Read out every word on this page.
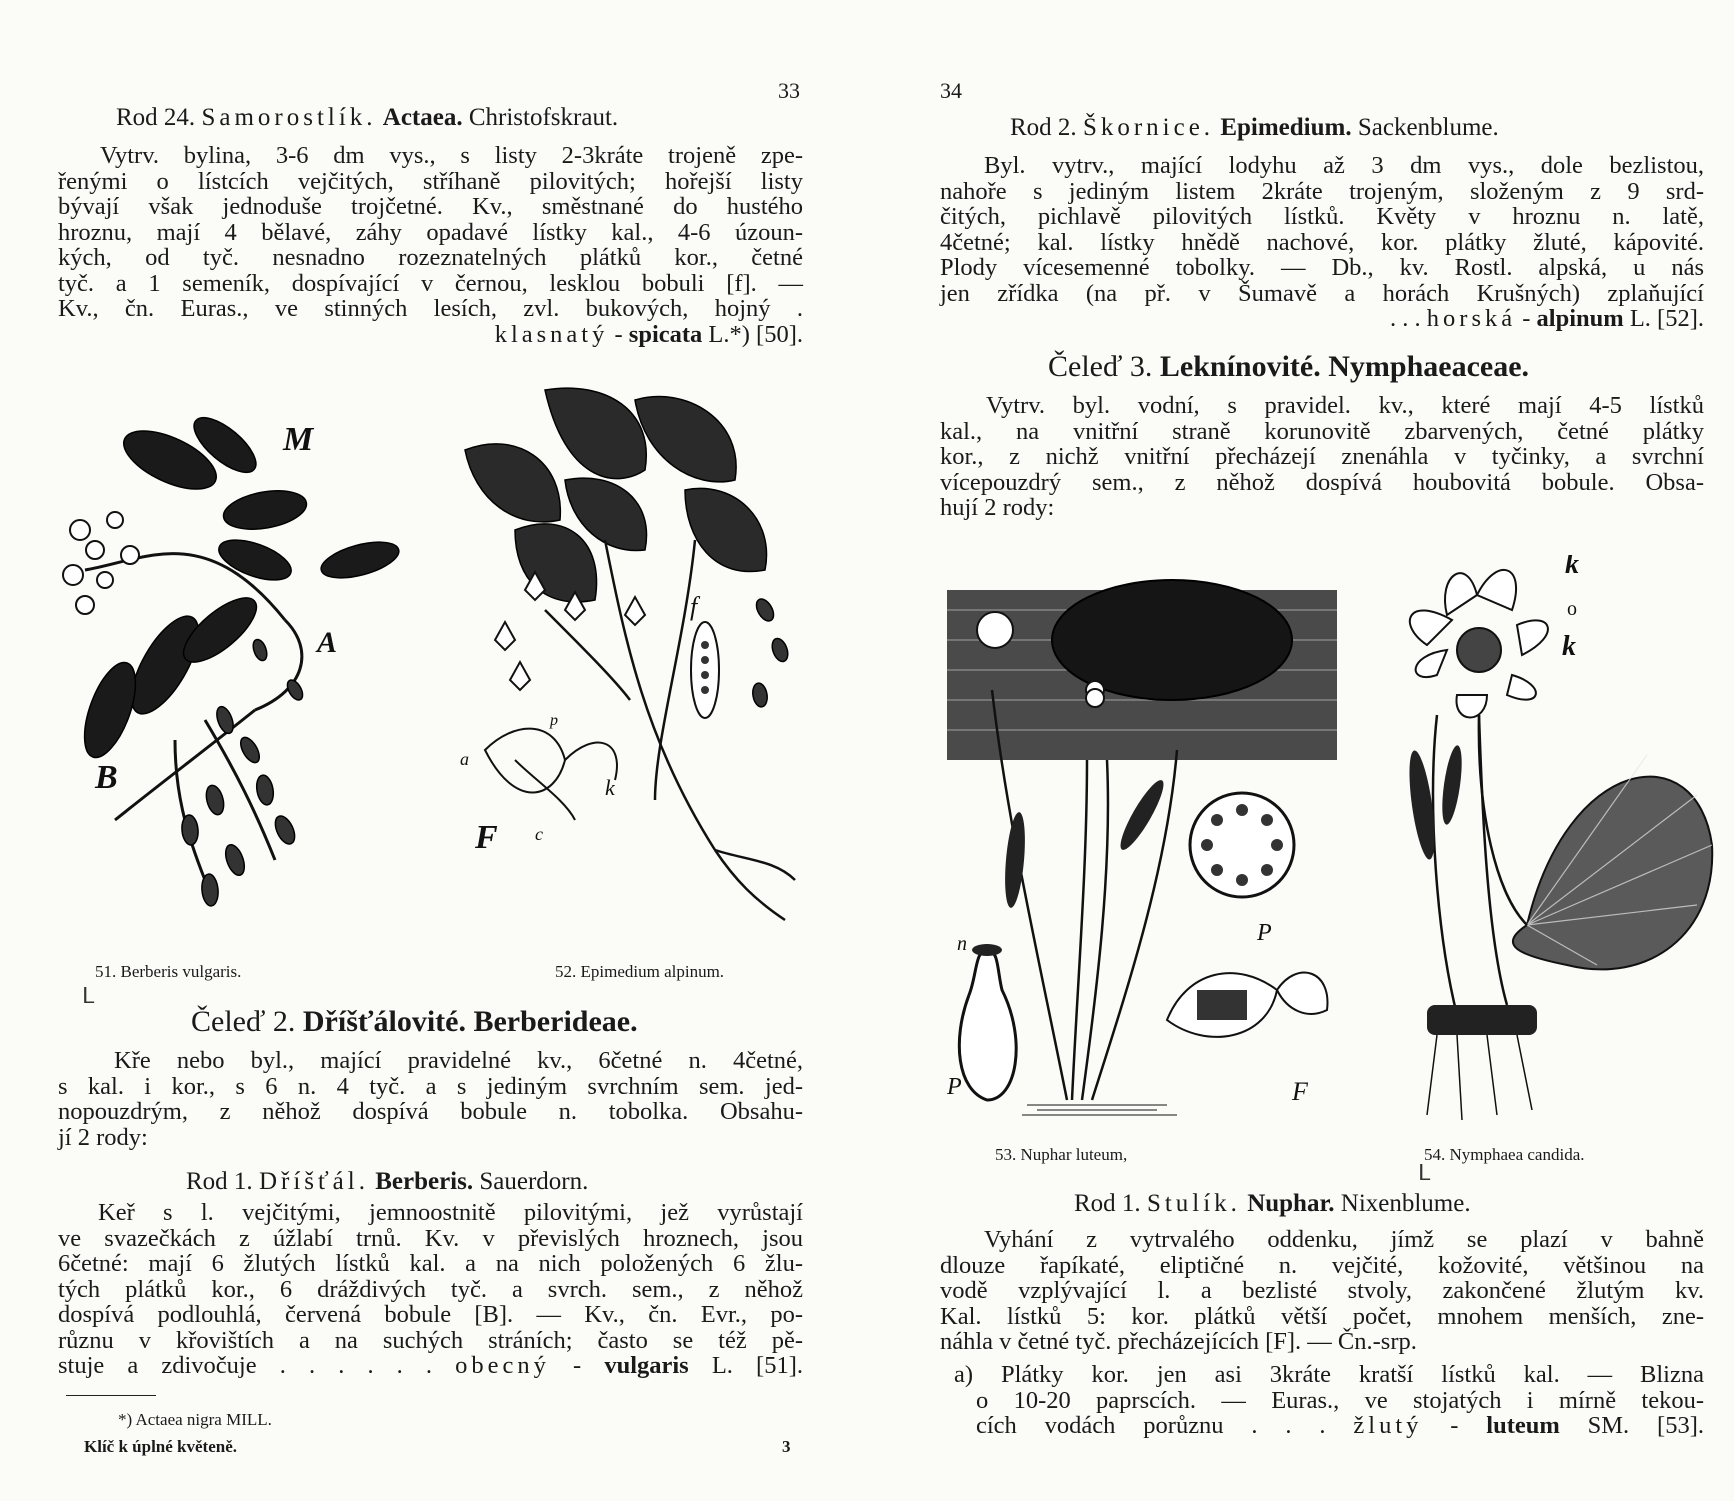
33
Rod 24. Samorostlík. Actaea. Christofskraut.
Vytrv. bylina, 3-6 dm vys., s listy 2-3kráte trojeně zpe-
řenými o lístcích vejčitých, stříhaně pilovitých; hořejší listy
bývají však jednoduše trojčetné. Kv., směstnané do hustého
hroznu, mají 4 bělavé, záhy opadavé lístky kal., 4-6 úzoun-
kých, od tyč. nesnadno rozeznatelných plátků kor., četné
tyč. a 1 semeník, dospívající v černou, lesklou bobuli [f]. —
Kv., čn. Euras., ve stinných lesích, zvl. bukových, hojný .
klasnatý - spicata L.*) [50].
M
A
B
f
F
a
k
p
c
51. Berberis vulgaris.	52. Epimedium alpinum.
ᒪ
Čeleď 2. Dříšťálovité. Berberideae.
Kře nebo byl., mající pravidelné kv., 6četné n. 4četné,
s kal. i kor., s 6 n. 4 tyč. a s jediným svrchním sem. jed-
nopouzdrým, z něhož dospívá bobule n. tobolka. Obsahu-
jí 2 rody:
Rod 1. Dříšťál. Berberis. Sauerdorn.
Keř s l. vejčitými, jemnoostnitě pilovitými, jež vyrůstají
ve svazečkách z úžlabí trnů. Kv. v převislých hroznech, jsou
6četné: mají 6 žlutých lístků kal. a na nich položených 6 žlu-
tých plátků kor., 6 dráždivých tyč. a svrch. sem., z něhož
dospívá podlouhlá, červená bobule [B]. — Kv., čn. Evr., po-
různu v křovištích a na suchých stráních; často se též pě-
stuje a zdivočuje . . . . . . obecný - vulgaris L. [51].
*) Actaea nigra MILL.
Klíč k úplné květeně.	3
34
Rod 2. Škornice. Epimedium. Sackenblume.
Byl. vytrv., mající lodyhu až 3 dm vys., dole bezlistou,
nahoře s jediným listem 2kráte trojeným, složeným z 9 srd-
čitých, pichlavě pilovitých lístků. Květy v hroznu n. latě,
4četné; kal. lístky hnědě nachové, kor. plátky žluté, kápovité.
Plody vícesemenné tobolky. — Db., kv. Rostl. alpská, u nás
jen zřídka (na př. v Šumavě a horách Krušných) zplaňující
. . . horská - alpinum L. [52].
Čeleď 3. Leknínovité. Nymphaeaceae.
Vytrv. byl. vodní, s pravidel. kv., které mají 4-5 lístků
kal., na vnitřní straně korunovitě zbarvených, četné plátky
kor., z nichž vnitřní přecházejí znenáhla v tyčinky, a svrchní
vícepouzdrý sem., z něhož dospívá houbovitá bobule. Obsa-
hují 2 rody:
n	P
P	F
k
o
k
53. Nuphar luteum,	54. Nymphaea candida.
ᒪ
Rod 1. Stulík. Nuphar. Nixenblume.
Vyhání z vytrvalého oddenku, jímž se plazí v bahně
dlouze řapíkaté, eliptičné n. vejčité, kožovité, většinou na
vodě vzplývající l. a bezlisté stvoly, zakončené žlutým kv.
Kal. lístků 5: kor. plátků větší počet, mnohem menších, zne-
náhla v četné tyč. přecházejících [F]. — Čn.-srp.
a) Plátky kor. jen asi 3kráte kratší lístků kal. — Blizna
o 10-20 paprscích. — Euras., ve stojatých i mírně tekou-
cích vodách porůznu . . . žlutý - luteum SM. [53].
